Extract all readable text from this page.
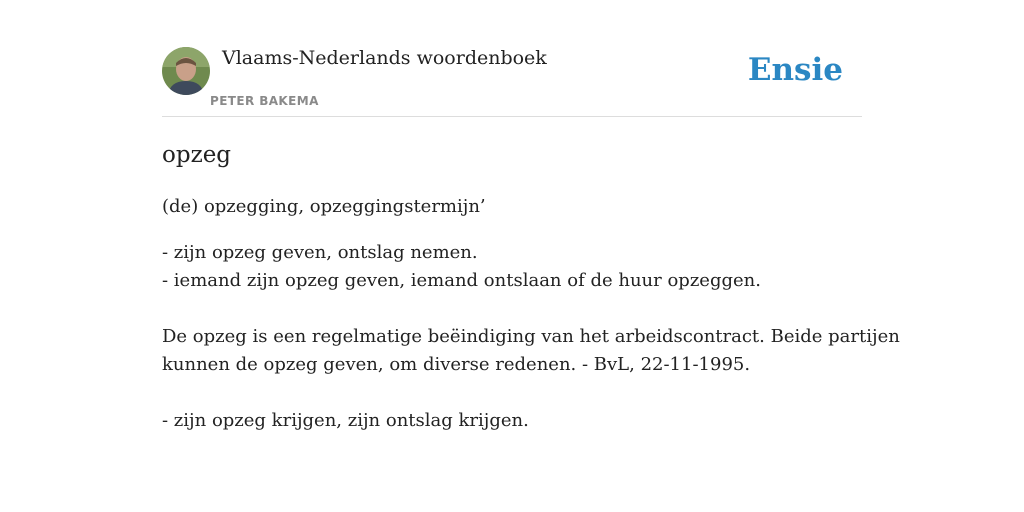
Vlaams-Nederlands woordenboek
PETER BAKEMA
Ensie
opzeg
(de) opzegging, opzeggingstermijn’
- zijn opzeg geven, ontslag nemen.
- iemand zijn opzeg geven, iemand ontslaan of de huur opzeggen.
De opzeg is een regelmatige beëindiging van het arbeidscontract. Beide partijen
kunnen de opzeg geven, om diverse redenen. - BvL, 22-11-1995.
- zijn opzeg krijgen, zijn ontslag krijgen.
